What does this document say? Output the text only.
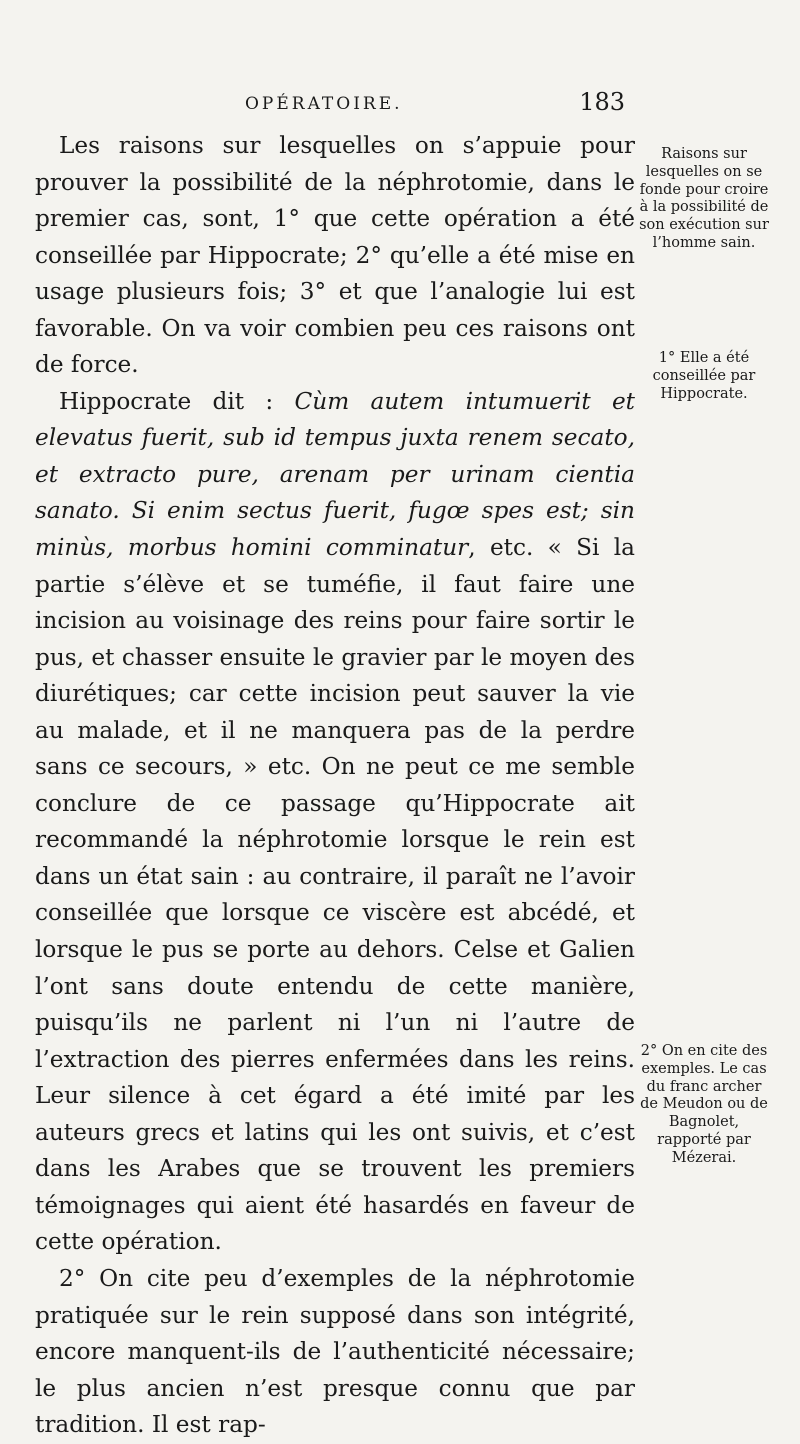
OPÉRATOIRE.	183

Les raisons sur lesquelles on s’appuie pour prouver la possibilité de la néphrotomie, dans le premier cas, sont, 1° que cette opération a été conseillée par Hippocrate; 2° qu’elle a été mise en usage plusieurs fois; 3° et que l’analogie lui est favorable. On va voir combien peu ces raisons ont de force.

Hippocrate dit : Cùm autem intumuerit et elevatus fuerit, sub id tempus juxta renem secato, et extracto pure, arenam per urinam cientia sanato. Si enim sectus fuerit, fugœ spes est; sin minùs, morbus homini comminatur, etc. « Si la partie s’élève et se tuméfie, il faut faire une incision au voisinage des reins pour faire sortir le pus, et chasser ensuite le gravier par le moyen des diurétiques; car cette incision peut sauver la vie au malade, et il ne manquera pas de la perdre sans ce secours, » etc. On ne peut ce me semble conclure de ce passage qu’Hippocrate ait recommandé la néphrotomie lorsque le rein est dans un état sain : au contraire, il paraît ne l’avoir conseillée que lorsque ce viscère est abcédé, et lorsque le pus se porte au dehors. Celse et Galien l’ont sans doute entendu de cette manière, puisqu’ils ne parlent ni l’un ni l’autre de l’extraction des pierres enfermées dans les reins. Leur silence à cet égard a été imité par les auteurs grecs et latins qui les ont suivis, et c’est dans les Arabes que se trouvent les premiers témoignages qui aient été hasardés en faveur de cette opération.

2° On cite peu d’exemples de la néphrotomie pratiquée sur le rein supposé dans son intégrité, encore manquent-ils de l’authenticité nécessaire; le plus ancien n’est presque connu que par tradition. Il est rap-

Raisons sur lesquelles on se fonde pour croire à la possibilité de son exécution sur l’homme sain.
1° Elle a été conseillée par Hippocrate.
2° On en cite des exemples. Le cas du franc archer de Meudon ou de Bagnolet, rapporté par Mézerai.
